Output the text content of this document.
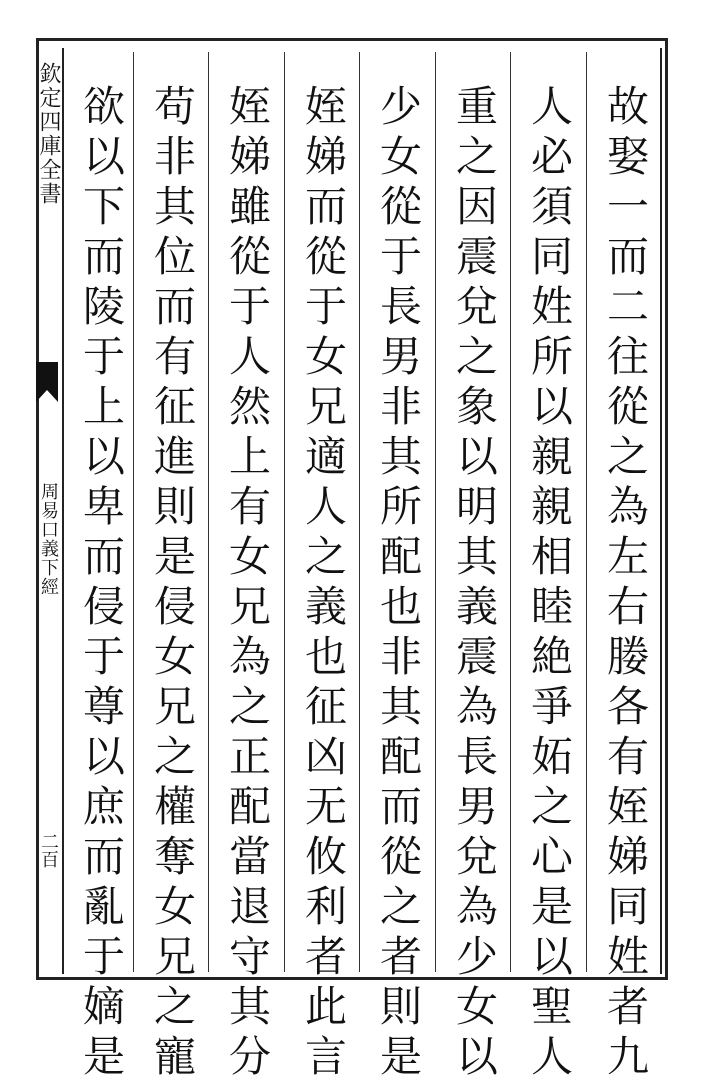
欽定四庫全書
周易口義下經
二百	故娶一而二往從之為左右媵各有姪娣同姓者九
人必須同姓所以親親相睦絶爭妬之心是以聖人
重之因震兌之象以明其義震為長男兌為少女以
少女從于長男非其所配也非其配而從之者則是
姪娣而從于女兄適人之義也征凶无攸利者此言
姪娣雖從于人然上有女兄為之正配當退守其分
苟非其位而有征進則是侵女兄之權奪女兄之寵
欲以下而陵于上以卑而侵于尊以庶而亂于嫡是
